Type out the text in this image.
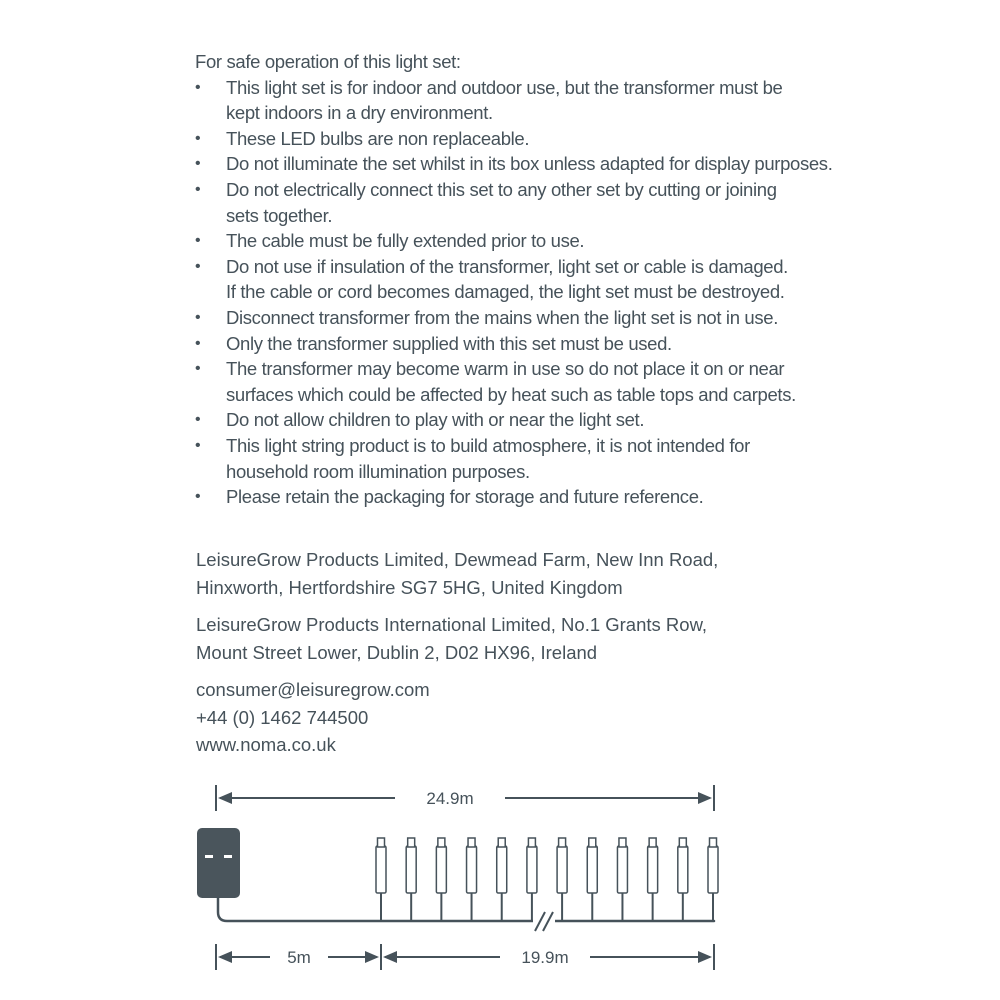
For safe operation of this light set:

• This light set is for indoor and outdoor use, but the transformer must be
kept indoors in a dry environment.
• These LED bulbs are non replaceable.
• Do not illuminate the set whilst in its box unless adapted for display purposes.
• Do not electrically connect this set to any other set by cutting or joining
sets together.
• The cable must be fully extended prior to use.
• Do not use if insulation of the transformer, light set or cable is damaged.
If the cable or cord becomes damaged, the light set must be destroyed.
• Disconnect transformer from the mains when the light set is not in use.
• Only the transformer supplied with this set must be used.
• The transformer may become warm in use so do not place it on or near
surfaces which could be affected by heat such as table tops and carpets.
• Do not allow children to play with or near the light set.
• This light string product is to build atmosphere, it is not intended for
household room illumination purposes.
• Please retain the packaging for storage and future reference.
LeisureGrow Products Limited, Dewmead Farm, New Inn Road,
Hinxworth, Hertfordshire SG7 5HG, United Kingdom
LeisureGrow Products International Limited, No.1 Grants Row,
Mount Street Lower, Dublin 2, D02 HX96, Ireland
consumer@leisuregrow.com
+44 (0) 1462 744500
www.noma.co.uk
24.9m
5m	19.9m
